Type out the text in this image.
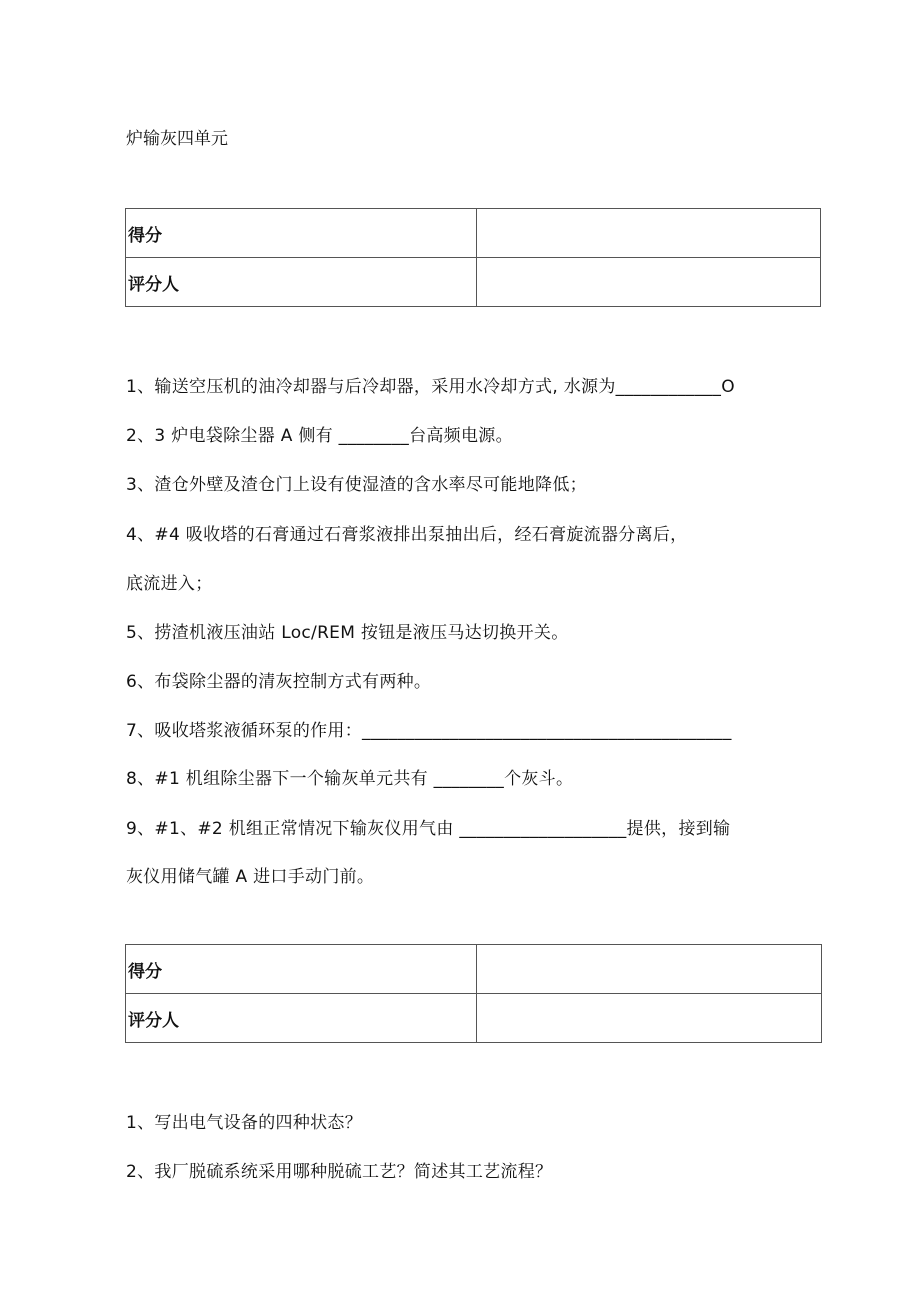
炉输灰四单元
得分	
评分人	
1、输送空压机的油冷却器与后冷却器，采用水冷却方式, 水源为____________O
2、3 炉电袋除尘器 A 侧有 ________台高频电源。
3、渣仓外壁及渣仓门上设有使湿渣的含水率尽可能地降低；
4、#4 吸收塔的石膏通过石膏浆液排出泵抽出后，经石膏旋流器分离后，
底流进入；
5、捞渣机液压油站 Loc/REM 按钮是液压马达切换开关。
6、布袋除尘器的清灰控制方式有两种。
7、吸收塔浆液循环泵的作用：__________________________________________
8、#1 机组除尘器下一个输灰单元共有 ________个灰斗。
9、#1、#2 机组正常情况下输灰仪用气由 ___________________提供，接到输
灰仪用储气罐 A 进口手动门前。
得分	
评分人	
1、写出电气设备的四种状态？
2、我厂脱硫系统采用哪种脱硫工艺？简述其工艺流程？
